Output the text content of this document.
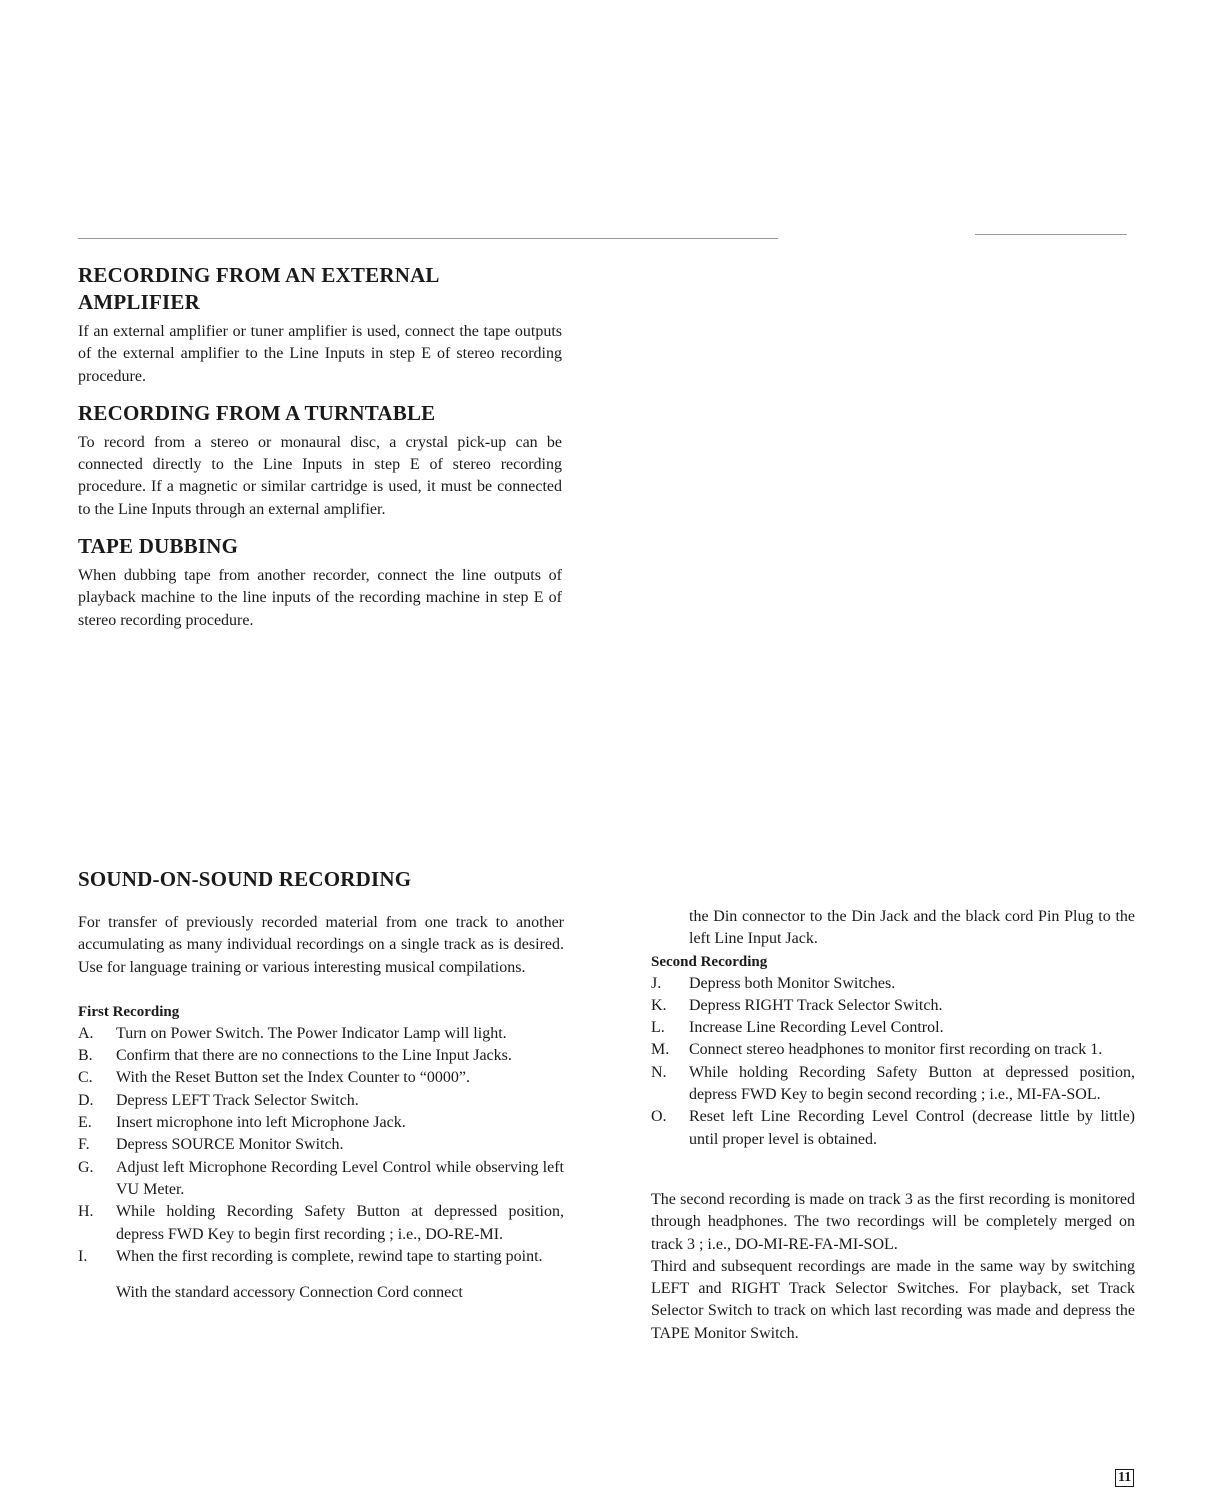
RECORDING FROM AN EXTERNAL
AMPLIFIER

If an external amplifier or tuner amplifier is used, connect the tape outputs of the external amplifier to the Line Inputs in step E of stereo recording procedure.

RECORDING FROM A TURNTABLE

To record from a stereo or monaural disc, a crystal pick-up can be connected directly to the Line Inputs in step E of stereo recording procedure. If a magnetic or similar cartridge is used, it must be connected to the Line Inputs through an external amplifier.

TAPE DUBBING

When dubbing tape from another recorder, connect the line outputs of playback machine to the line inputs of the recording machine in step E of stereo recording procedure.

SOUND-ON-SOUND RECORDING

For transfer of previously recorded material from one track to another accumulating as many individual recordings on a single track as is desired. Use for language training or various interesting musical compilations.

First Recording
A.	Turn on Power Switch. The Power Indicator Lamp will light.
B.	Confirm that there are no connections to the Line Input Jacks.
C.	With the Reset Button set the Index Counter to “0000”.
D.	Depress LEFT Track Selector Switch.
E.	Insert microphone into left Microphone Jack.
F.	Depress SOURCE Monitor Switch.
G.	Adjust left Microphone Recording Level Control while observing left VU Meter.
H.	While holding Recording Safety Button at depressed position, depress FWD Key to begin first recording ; i.e., DO-RE-MI.
I.	When the first recording is complete, rewind tape to starting point.

With the standard accessory Connection Cord connect

the Din connector to the Din Jack and the black cord Pin Plug to the left Line Input Jack.

Second Recording
J.	Depress both Monitor Switches.
K.	Depress RIGHT Track Selector Switch.
L.	Increase Line Recording Level Control.
M.	Connect stereo headphones to monitor first recording on track 1.
N.	While holding Recording Safety Button at depressed position, depress FWD Key to begin second recording ; i.e., MI-FA-SOL.
O.	Reset left Line Recording Level Control (decrease little by little) until proper level is obtained.

The second recording is made on track 3 as the first recording is monitored through headphones. The two recordings will be completely merged on track 3 ; i.e., DO-MI-RE-FA-MI-SOL.

Third and subsequent recordings are made in the same way by switching LEFT and RIGHT Track Selector Switches. For playback, set Track Selector Switch to track on which last recording was made and depress the TAPE Monitor Switch.

11
